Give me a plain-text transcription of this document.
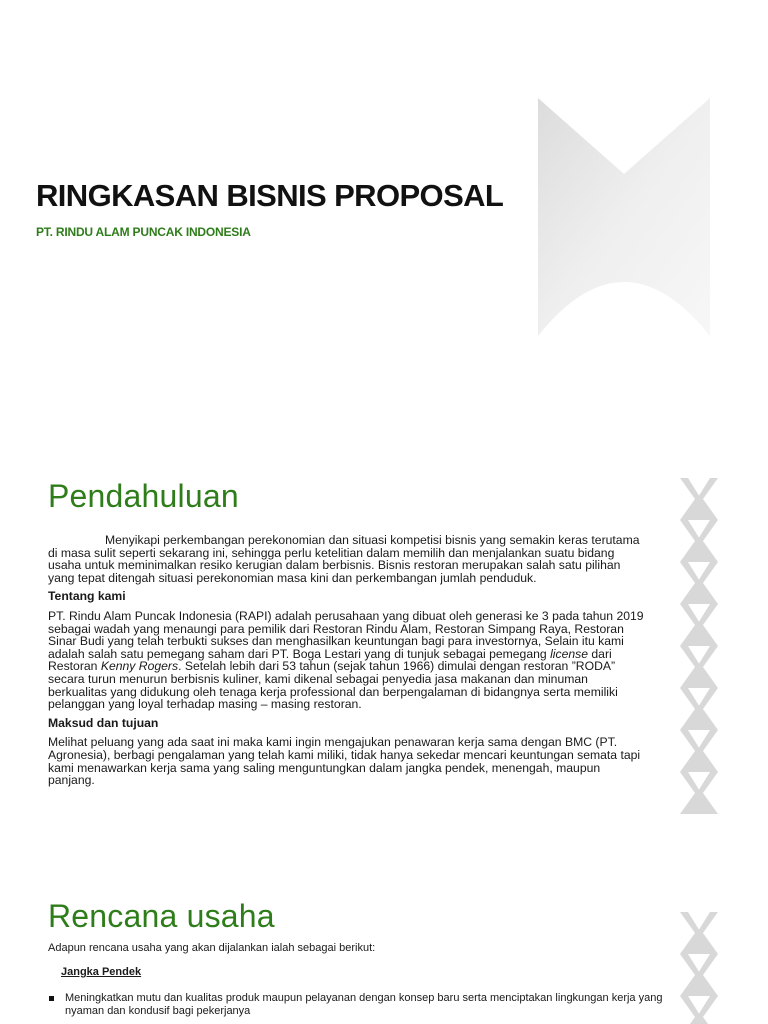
RINGKASAN BISNIS PROPOSAL
PT. RINDU ALAM PUNCAK INDONESIA
Pendahuluan

Menyikapi perkembangan perekonomian dan situasi kompetisi bisnis yang semakin keras terutama di masa sulit seperti sekarang ini, sehingga perlu ketelitian dalam memilih dan menjalankan suatu bidang usaha untuk meminimalkan resiko kerugian dalam berbisnis. Bisnis restoran merupakan salah satu pilihan yang tepat ditengah situasi perekonomian masa kini dan perkembangan jumlah penduduk.

Tentang kami

PT. Rindu Alam Puncak Indonesia (RAPI) adalah perusahaan yang dibuat oleh generasi ke 3 pada tahun 2019 sebagai wadah yang menaungi para pemilik dari Restoran Rindu Alam, Restoran Simpang Raya, Restoran Sinar Budi yang telah terbukti sukses dan menghasilkan keuntungan bagi para investornya, Selain itu kami adalah salah satu pemegang saham dari PT. Boga Lestari yang di tunjuk sebagai pemegang license dari Restoran Kenny Rogers. Setelah lebih dari 53 tahun (sejak tahun 1966) dimulai dengan restoran ”RODA” secara turun menurun berbisnis kuliner, kami dikenal sebagai penyedia jasa makanan dan minuman berkualitas yang didukung oleh tenaga kerja professional dan berpengalaman di bidangnya serta memiliki pelanggan yang loyal terhadap masing – masing restoran.

Maksud dan tujuan

Melihat peluang yang ada saat ini maka kami ingin mengajukan penawaran kerja sama dengan BMC (PT. Agronesia), berbagi pengalaman yang telah kami miliki, tidak hanya sekedar mencari keuntungan semata tapi kami menawarkan kerja sama yang saling menguntungkan dalam jangka pendek, menengah, maupun panjang.

Rencana usaha

Adapun rencana usaha yang akan dijalankan ialah sebagai berikut:

Jangka Pendek

Meningkatkan mutu dan kualitas produk maupun pelayanan dengan konsep baru serta menciptakan lingkungan kerja yang nyaman dan kondusif bagi pekerjanya
